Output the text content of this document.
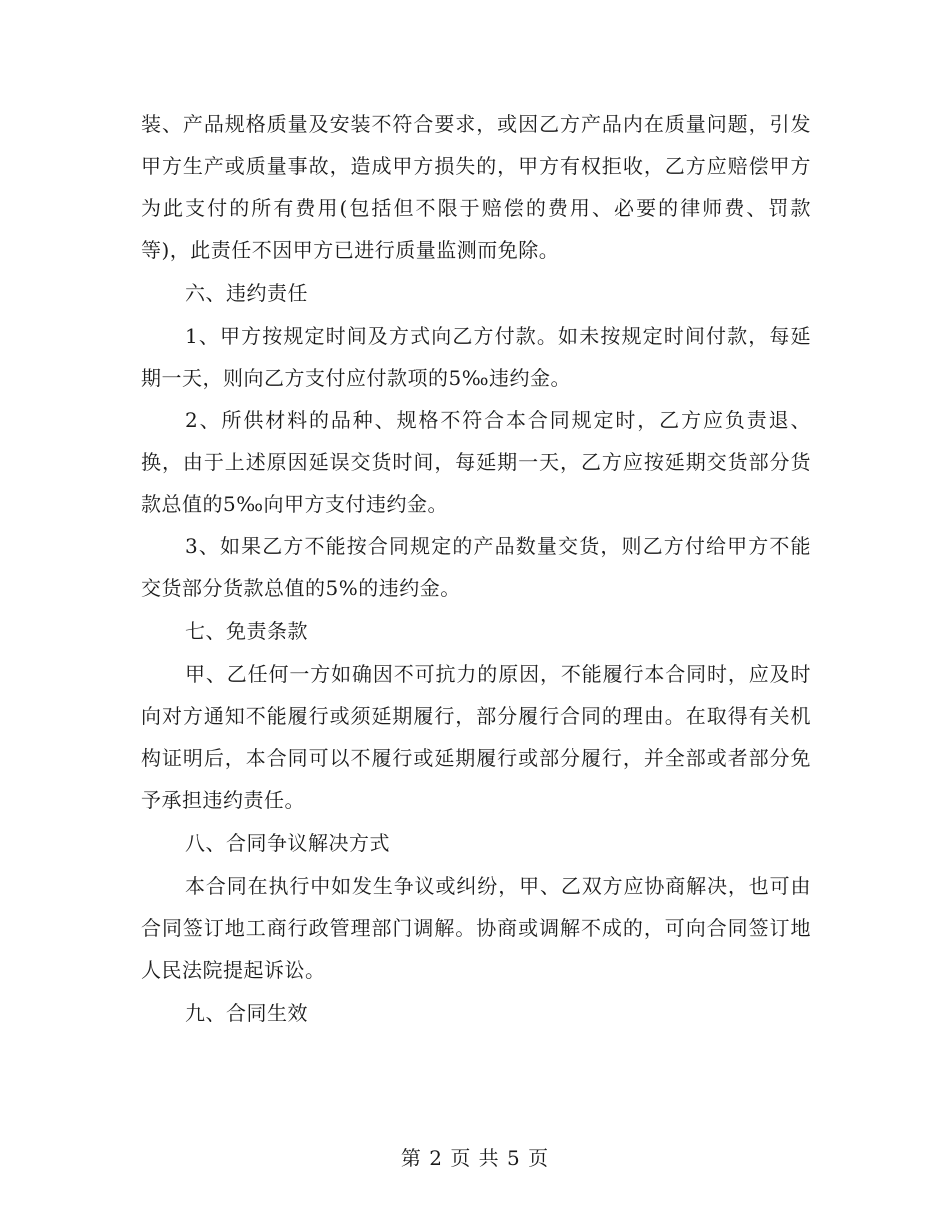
装、产品规格质量及安装不符合要求，或因乙方产品内在质量问题，引发甲方生产或质量事故，造成甲方损失的，甲方有权拒收，乙方应赔偿甲方为此支付的所有费用(包括但不限于赔偿的费用、必要的律师费、罚款等)，此责任不因甲方已进行质量监测而免除。

六、违约责任

1、甲方按规定时间及方式向乙方付款。如未按规定时间付款，每延期一天，则向乙方支付应付款项的5‰违约金。

2、所供材料的品种、规格不符合本合同规定时，乙方应负责退、换，由于上述原因延误交货时间，每延期一天，乙方应按延期交货部分货款总值的5‰向甲方支付违约金。

3、如果乙方不能按合同规定的产品数量交货，则乙方付给甲方不能交货部分货款总值的5%的违约金。

七、免责条款

甲、乙任何一方如确因不可抗力的原因，不能履行本合同时，应及时向对方通知不能履行或须延期履行，部分履行合同的理由。在取得有关机构证明后，本合同可以不履行或延期履行或部分履行，并全部或者部分免予承担违约责任。

八、合同争议解决方式

本合同在执行中如发生争议或纠纷，甲、乙双方应协商解决，也可由合同签订地工商行政管理部门调解。协商或调解不成的，可向合同签订地人民法院提起诉讼。

九、合同生效

第 2 页 共 5 页
